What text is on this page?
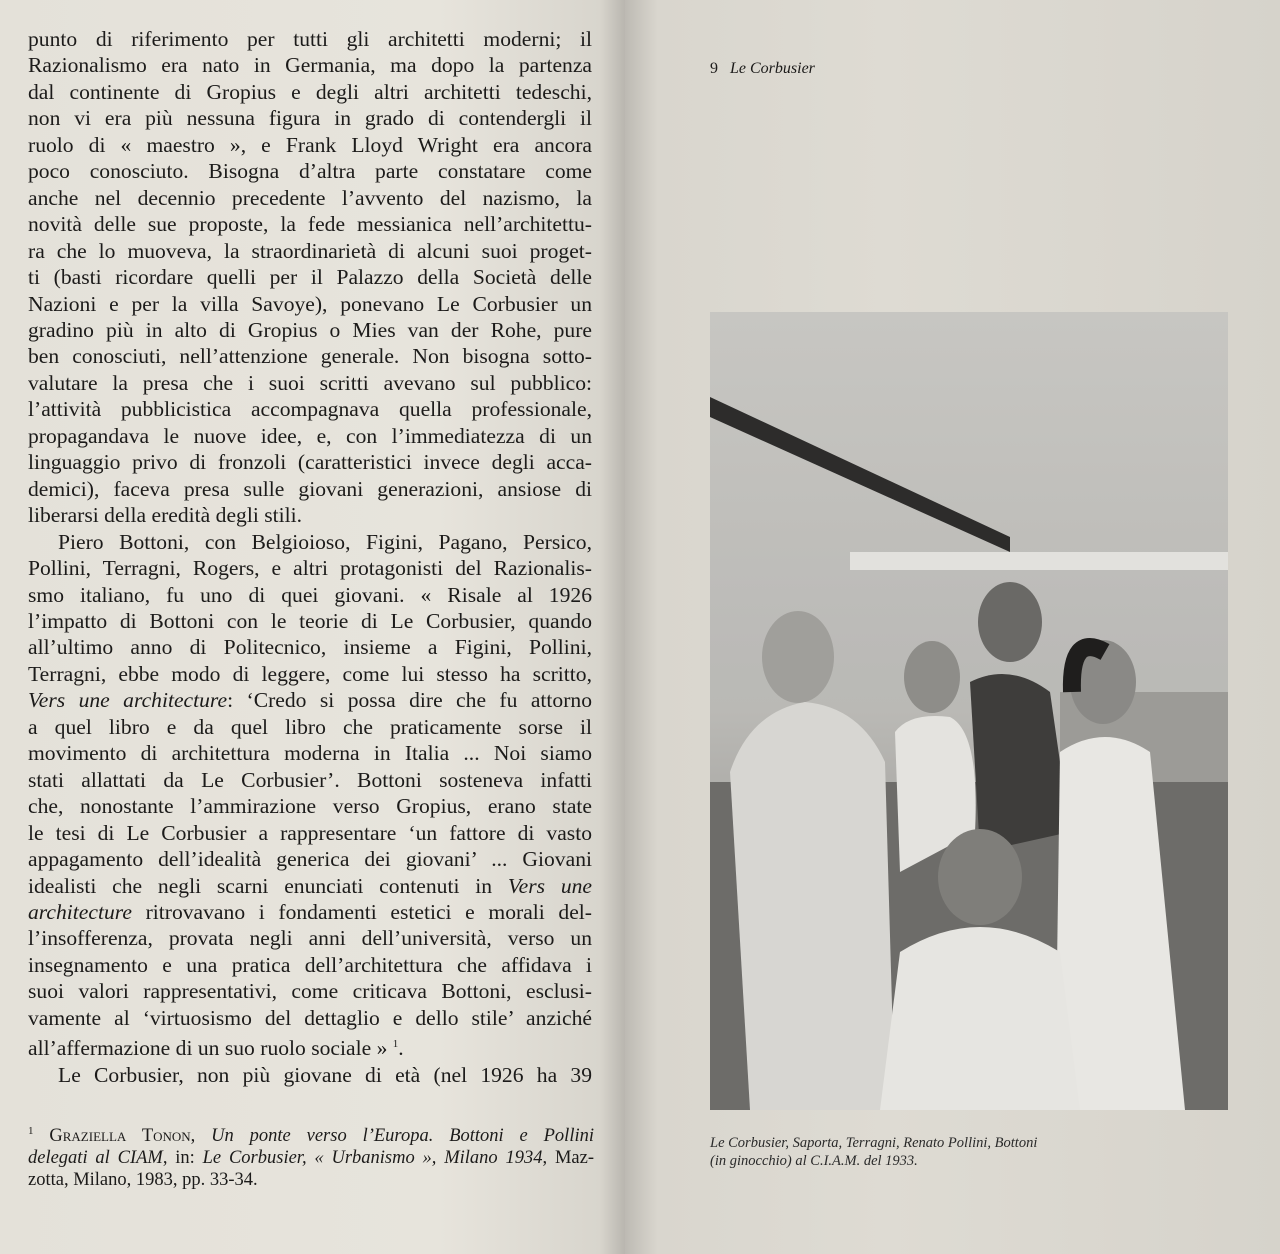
punto di riferimento per tutti gli architetti moderni; il
Razionalismo era nato in Germania, ma dopo la partenza
dal continente di Gropius e degli altri architetti tedeschi,
non vi era più nessuna figura in grado di contendergli il
ruolo di « maestro », e Frank Lloyd Wright era ancora
poco conosciuto. Bisogna d’altra parte constatare come
anche nel decennio precedente l’avvento del nazismo, la
novità delle sue proposte, la fede messianica nell’architettu-
ra che lo muoveva, la straordinarietà di alcuni suoi proget-
ti (basti ricordare quelli per il Palazzo della Società delle
Nazioni e per la villa Savoye), ponevano Le Corbusier un
gradino più in alto di Gropius o Mies van der Rohe, pure
ben conosciuti, nell’attenzione generale. Non bisogna sotto-
valutare la presa che i suoi scritti avevano sul pubblico:
l’attività pubblicistica accompagnava quella professionale,
propagandava le nuove idee, e, con l’immediatezza di un
linguaggio privo di fronzoli (caratteristici invece degli acca-
demici), faceva presa sulle giovani generazioni, ansiose di
liberarsi della eredità degli stili.
Piero Bottoni, con Belgioioso, Figini, Pagano, Persico,
Pollini, Terragni, Rogers, e altri protagonisti del Razionalis-
smo italiano, fu uno di quei giovani. « Risale al 1926
l’impatto di Bottoni con le teorie di Le Corbusier, quando
all’ultimo anno di Politecnico, insieme a Figini, Pollini,
Terragni, ebbe modo di leggere, come lui stesso ha scritto,
Vers une architecture: ‘Credo si possa dire che fu attorno
a quel libro e da quel libro che praticamente sorse il
movimento di architettura moderna in Italia ... Noi siamo
stati allattati da Le Corbusier’. Bottoni sosteneva infatti
che, nonostante l’ammirazione verso Gropius, erano state
le tesi di Le Corbusier a rappresentare ‘un fattore di vasto
appagamento dell’idealità generica dei giovani’ ... Giovani
idealisti che negli scarni enunciati contenuti in Vers une
architecture ritrovavano i fondamenti estetici e morali del-
l’insofferenza, provata negli anni dell’università, verso un
insegnamento e una pratica dell’architettura che affidava i
suoi valori rappresentativi, come criticava Bottoni, esclusi-
vamente al ‘virtuosismo del dettaglio e dello stile’ anziché
all’affermazione di un suo ruolo sociale » $^1$.
Le Corbusier, non più giovane di età (nel 1926 ha 39
$^1$ Graziella Tonon, Un ponte verso l’Europa. Bottoni e Pollini
delegati al CIAM, in: Le Corbusier, « Urbanismo », Milano 1934, Maz-
zotta, Milano, 1983, pp. 33-34.
9 Le Corbusier
Le Corbusier, Saporta, Terragni, Renato Pollini, Bottoni
(in ginocchio) al C.I.A.M. del 1933.
